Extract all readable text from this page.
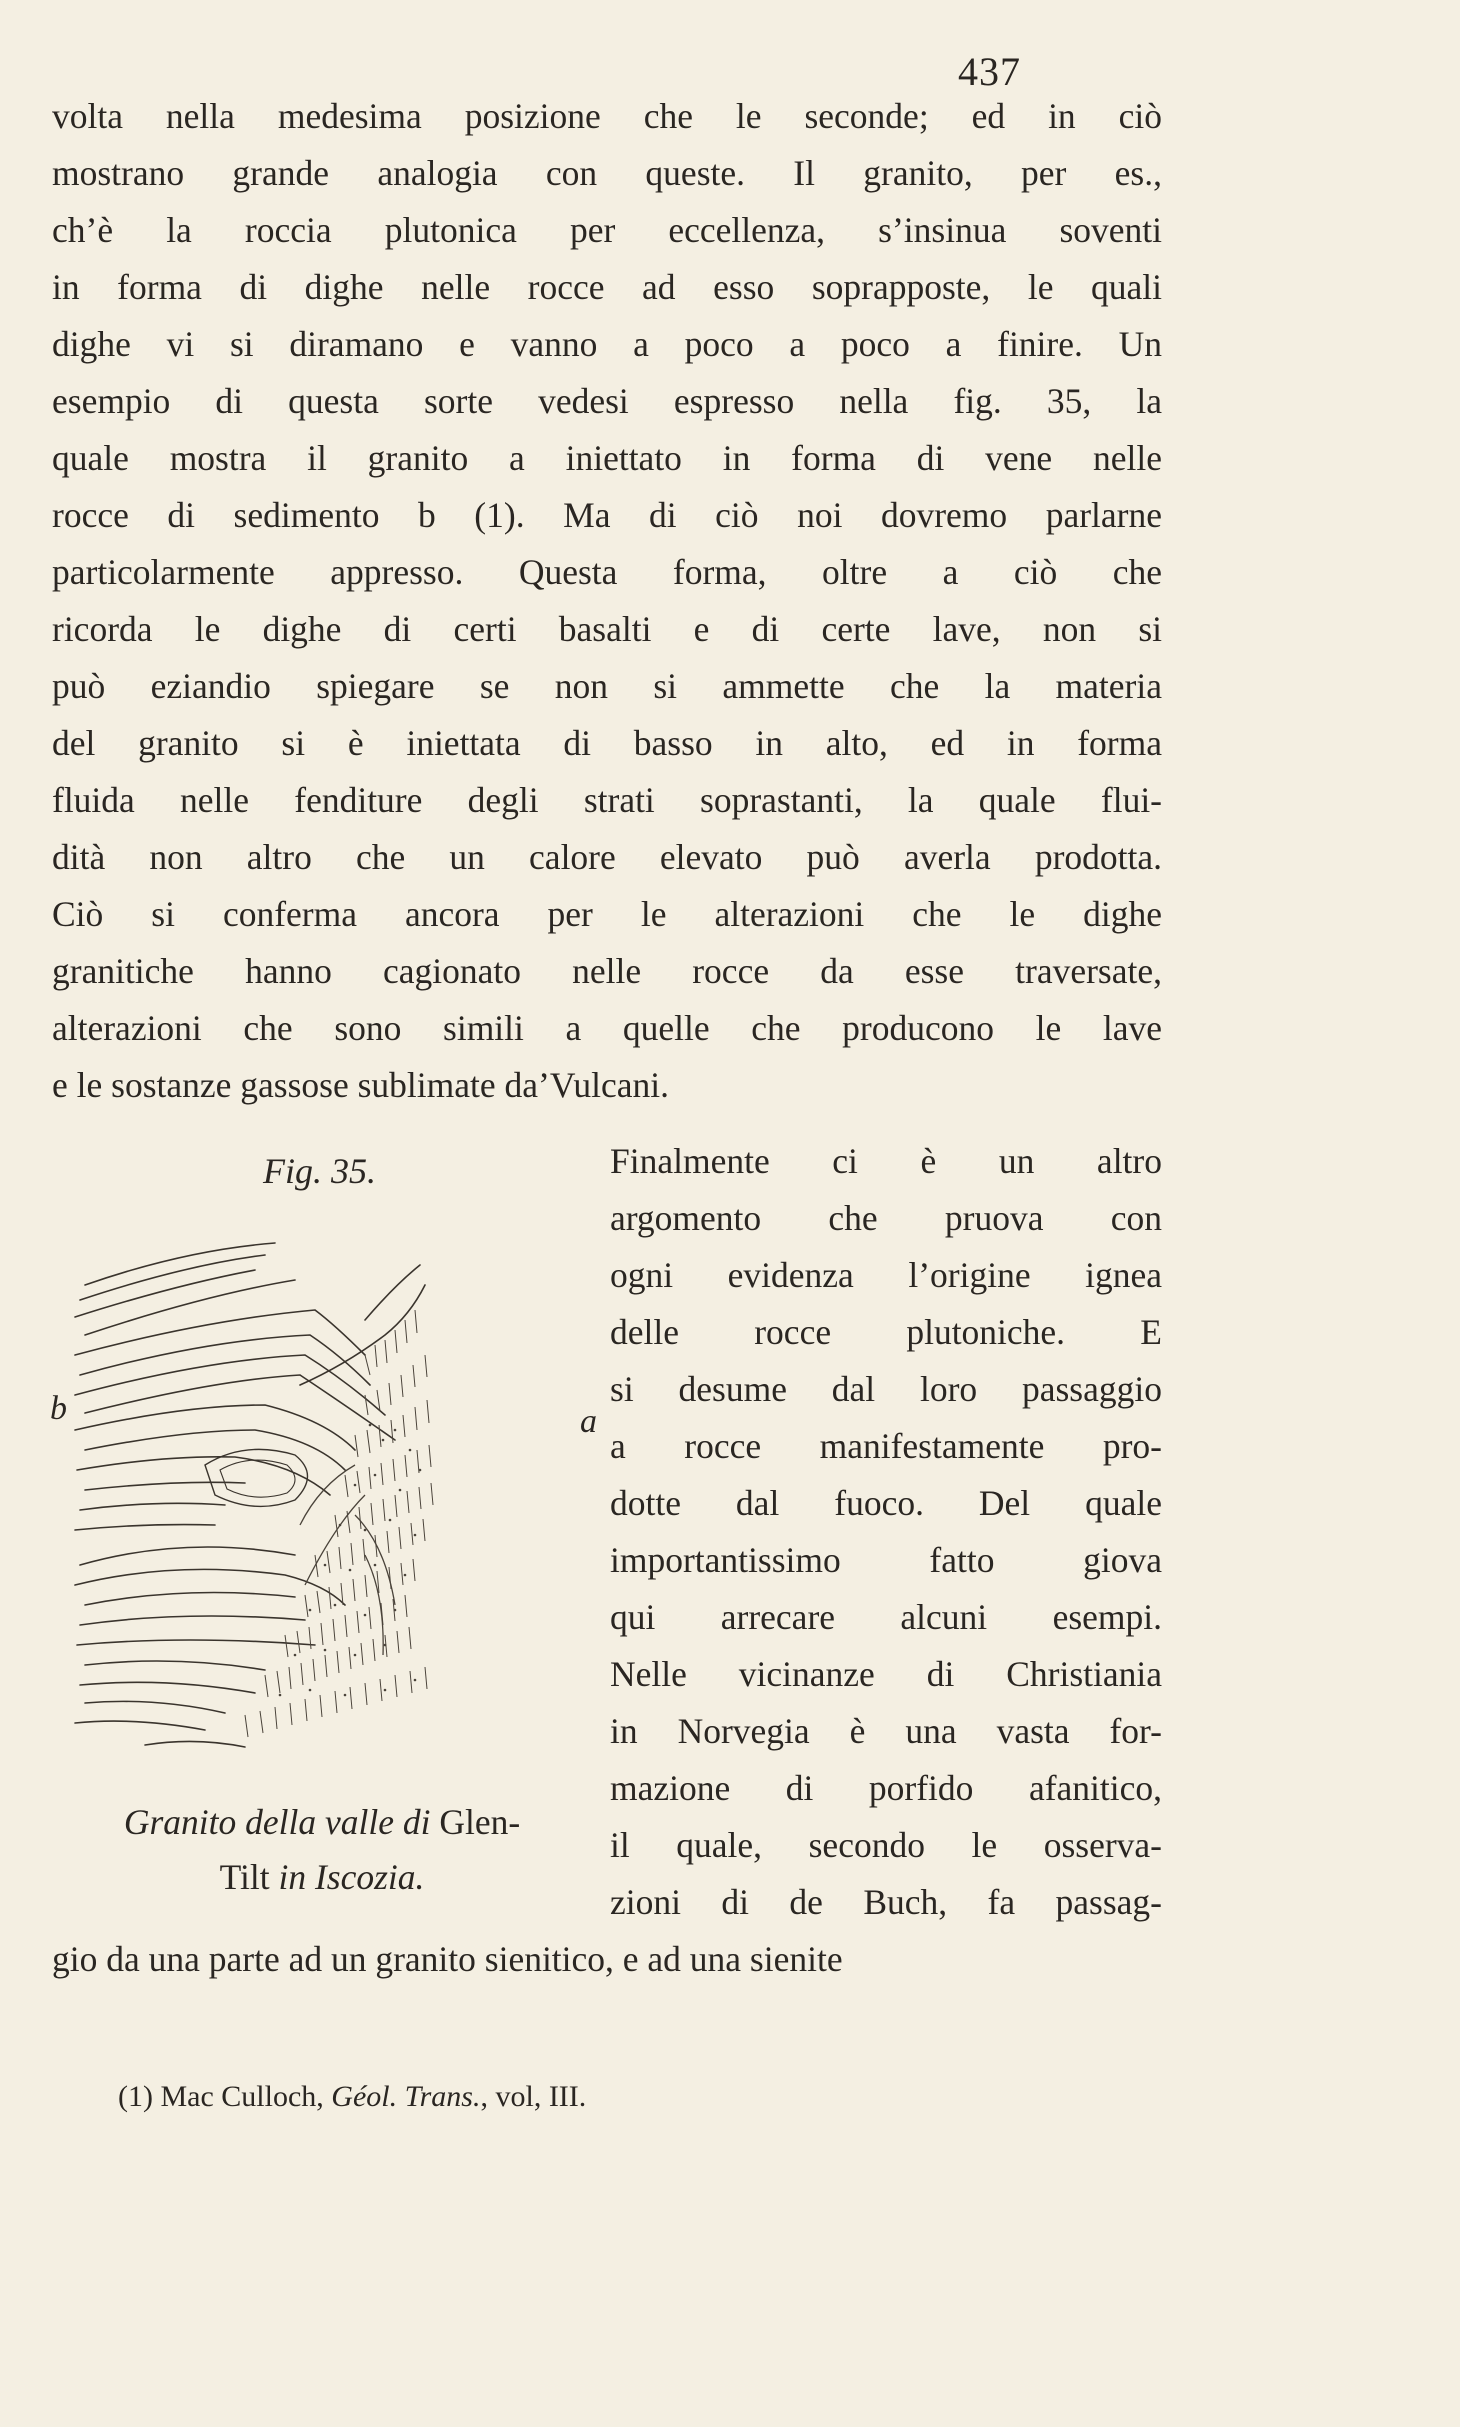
437
volta nella medesima posizione che le seconde; ed in ciò
mostrano grande analogia con queste. Il granito, per es.,
ch’è la roccia plutonica per eccellenza, s’insinua soventi
in forma di dighe nelle rocce ad esso soprapposte, le quali
dighe vi si diramano e vanno a poco a poco a finire. Un
esempio di questa sorte vedesi espresso nella fig. 35, la
quale mostra il granito a iniettato in forma di vene nelle
rocce di sedimento b (1). Ma di ciò noi dovremo parlarne
particolarmente appresso. Questa forma, oltre a ciò che
ricorda le dighe di certi basalti e di certe lave, non si
può eziandio spiegare se non si ammette che la materia
del granito si è iniettata di basso in alto, ed in forma
fluida nelle fenditure degli strati soprastanti, la quale flui-
dità non altro che un calore elevato può averla prodotta.
Ciò si conferma ancora per le alterazioni che le dighe
granitiche hanno cagionato nelle rocce da esse traversate,
alterazioni che sono simili a quelle che producono le lave
e le sostanze gassose sublimate da’Vulcani.
Finalmente ci è un altro
argomento che pruova con
ogni evidenza l’origine ignea
delle rocce plutoniche. E
si desume dal loro passaggio
a rocce manifestamente pro-
dotte dal fuoco. Del quale
importantissimo fatto giova
qui arrecare alcuni esempi.
Nelle vicinanze di Christiania
in Norvegia è una vasta for-
mazione di porfido afanitico,
il quale, secondo le osserva-
zioni di de Buch, fa passag-
gio da una parte ad un granito sienitico, e ad una sienite
Fig. 35.
b	a
Granito della valle di Glen-
Tilt in Iscozia.
(1) Mac Culloch, Géol. Trans., vol, III.
